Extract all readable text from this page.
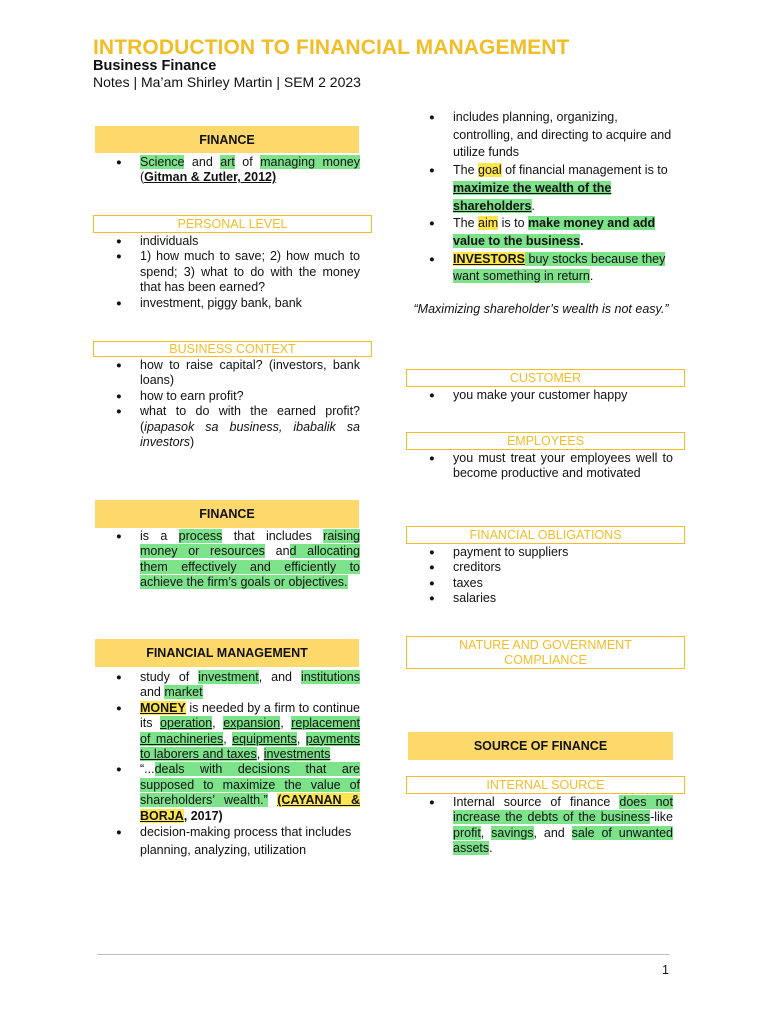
INTRODUCTION TO FINANCIAL MANAGEMENT
Business Finance
Notes | Ma’am Shirley Martin | SEM 2 2023
FINANCE
● Science and art of managing money (Gitman & Zutler, 2012)
PERSONAL LEVEL
● individuals
● 1) how much to save; 2) how much to spend; 3) what to do with the money that has been earned?
● investment, piggy bank, bank
BUSINESS CONTEXT
● how to raise capital? (investors, bank loans)
● how to earn profit?
● what to do with the earned profit? (ipapasok sa business, ibabalik sa investors)
FINANCE
● is a process that includes raising money or resources and allocating them effectively and efficiently to achieve the firm’s goals or objectives.
FINANCIAL MANAGEMENT
● study of investment, and institutions and market
● MONEY is needed by a firm to continue its operation, expansion, replacement of machineries, equipments, payments to laborers and taxes, investments
● “...deals with decisions that are supposed to maximize the value of shareholders’ wealth.” (CAYANAN & BORJA, 2017)
● decision-making process that includes planning, analyzing, utilization
● includes planning, organizing, controlling, and directing to acquire and utilize funds
● The goal of financial management is to maximize the wealth of the shareholders.
● The aim is to make money and add value to the business.
● INVESTORS buy stocks because they want something in return.
“Maximizing shareholder’s wealth is not easy.”
CUSTOMER
● you make your customer happy
EMPLOYEES
● you must treat your employees well to become productive and motivated
FINANCIAL OBLIGATIONS
● payment to suppliers
● creditors
● taxes
● salaries
NATURE AND GOVERNMENT COMPLIANCE
SOURCE OF FINANCE
INTERNAL SOURCE
● Internal source of finance does not increase the debts of the business-like profit, savings, and sale of unwanted assets.
1
